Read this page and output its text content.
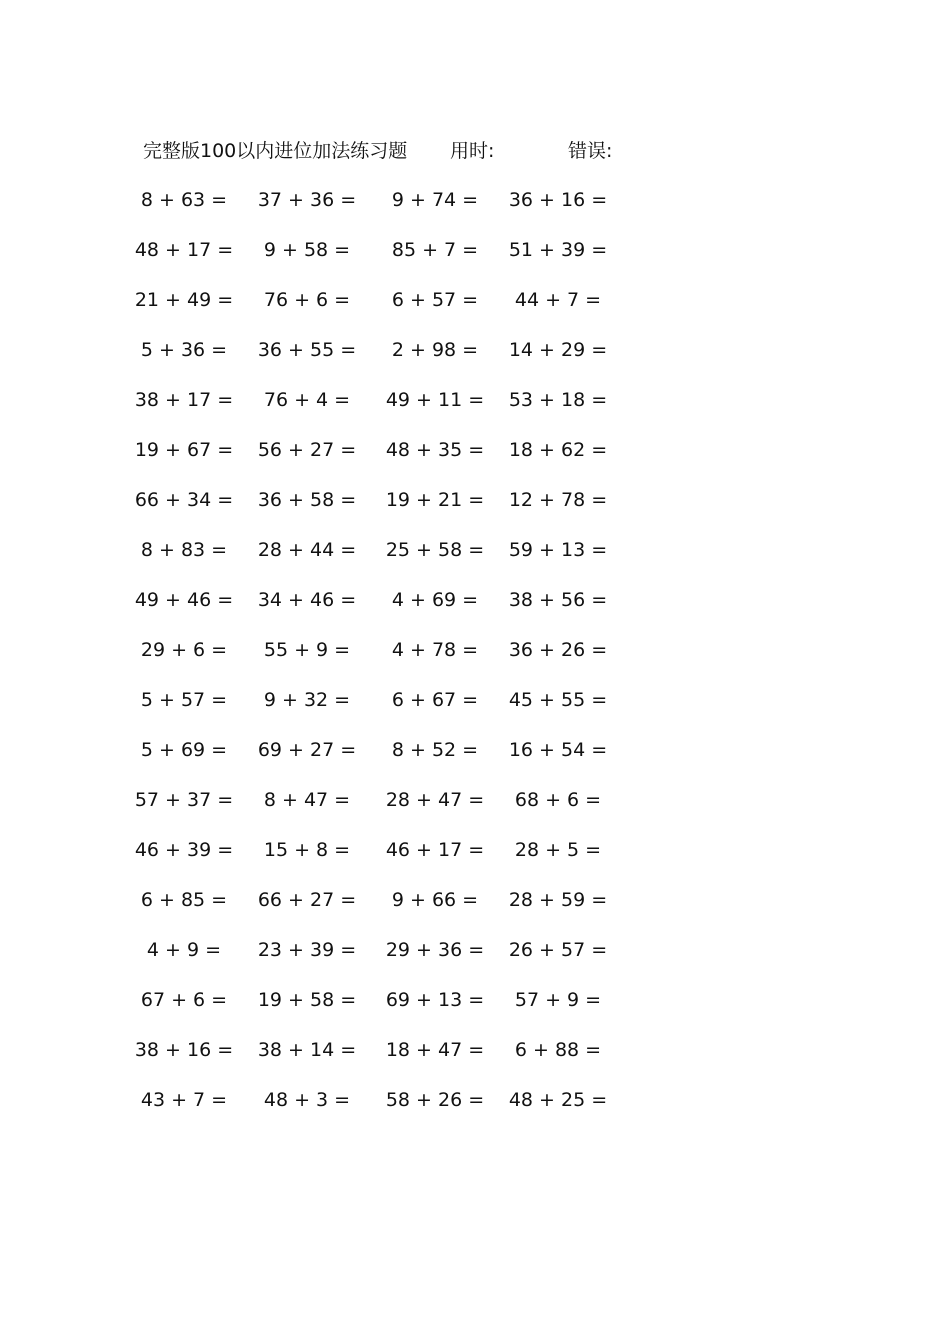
完整版100以内进位加法练习题 用时:	错误:
8 + 63 =	37 + 36 =	9 + 74 =	36 + 16 =
48 + 17 =	9 + 58 =	85 + 7 =	51 + 39 =
21 + 49 =	76 + 6 =	6 + 57 =	44 + 7 =
5 + 36 =	36 + 55 =	2 + 98 =	14 + 29 =
38 + 17 =	76 + 4 =	49 + 11 =	53 + 18 =
19 + 67 =	56 + 27 =	48 + 35 =	18 + 62 =
66 + 34 =	36 + 58 =	19 + 21 =	12 + 78 =
8 + 83 =	28 + 44 =	25 + 58 =	59 + 13 =
49 + 46 =	34 + 46 =	4 + 69 =	38 + 56 =
29 + 6 =	55 + 9 =	4 + 78 =	36 + 26 =
5 + 57 =	9 + 32 =	6 + 67 =	45 + 55 =
5 + 69 =	69 + 27 =	8 + 52 =	16 + 54 =
57 + 37 =	8 + 47 =	28 + 47 =	68 + 6 =
46 + 39 =	15 + 8 =	46 + 17 =	28 + 5 =
6 + 85 =	66 + 27 =	9 + 66 =	28 + 59 =
4 + 9 =	23 + 39 =	29 + 36 =	26 + 57 =
67 + 6 =	19 + 58 =	69 + 13 =	57 + 9 =
38 + 16 =	38 + 14 =	18 + 47 =	6 + 88 =
43 + 7 =	48 + 3 =	58 + 26 =	48 + 25 =
